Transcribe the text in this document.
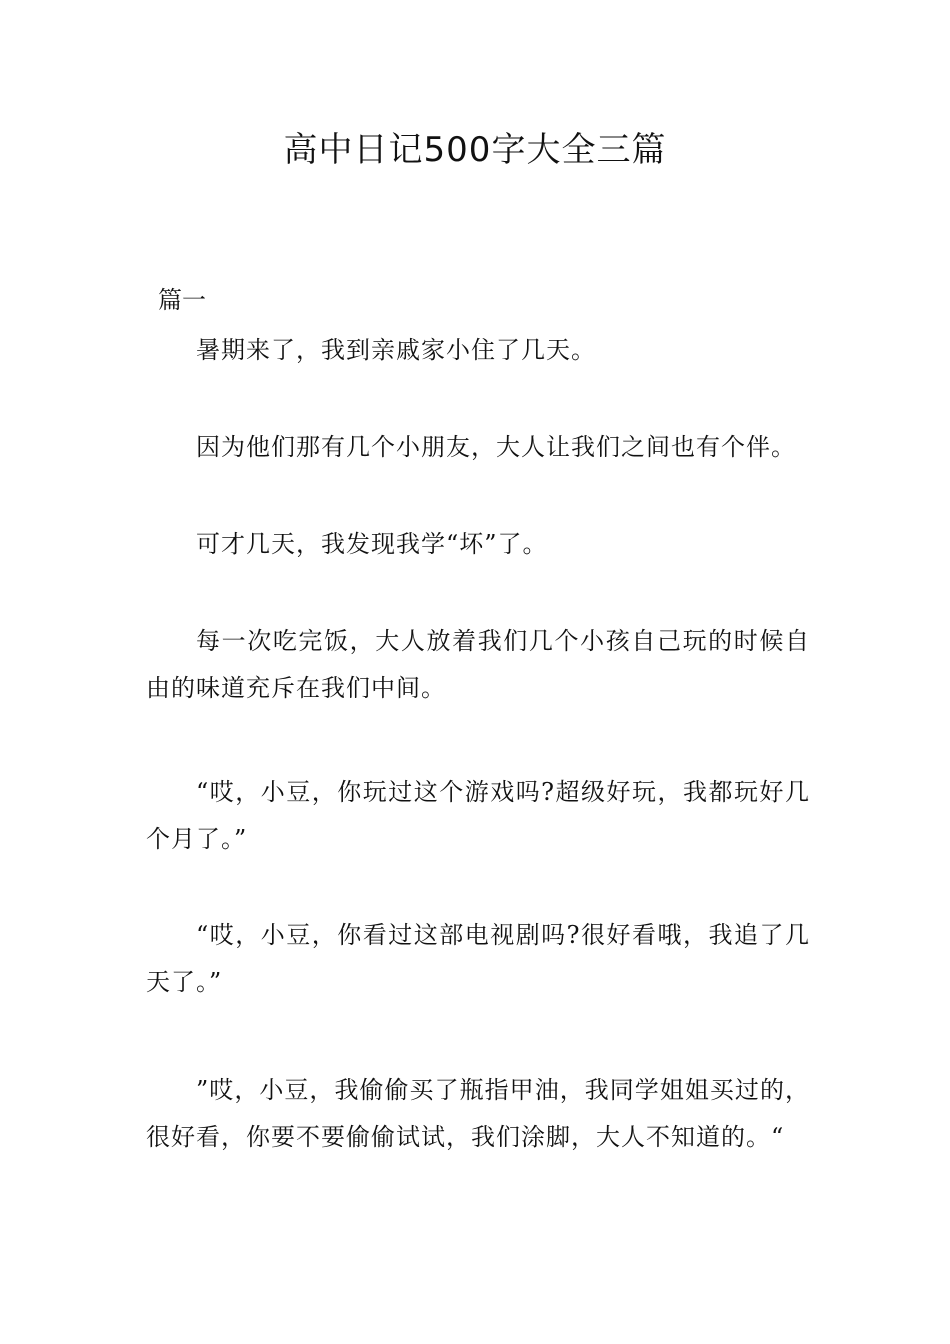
高中日记500字大全三篇

篇一

暑期来了，我到亲戚家小住了几天。

因为他们那有几个小朋友，大人让我们之间也有个伴。

可才几天，我发现我学“坏”了。

每一次吃完饭，大人放着我们几个小孩自己玩的时候自由的味道充斥在我们中间。

“哎，小豆，你玩过这个游戏吗?超级好玩，我都玩好几个月了。”

“哎，小豆，你看过这部电视剧吗?很好看哦，我追了几天了。”

”哎，小豆，我偷偷买了瓶指甲油，我同学姐姐买过的，很好看，你要不要偷偷试试，我们涂脚，大人不知道的。“
